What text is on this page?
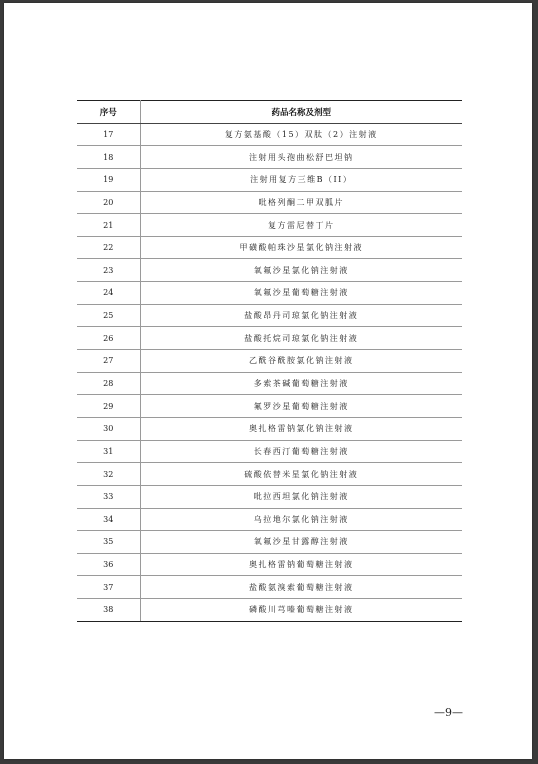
序号	药品名称及剂型
17	复方氨基酸（15）双肽（2）注射液
18	注射用头孢曲松舒巴坦钠
19	注射用复方三维B（II）
20	吡格列酮二甲双胍片
21	复方雷尼替丁片
22	甲磺酸帕珠沙星氯化钠注射液
23	氧氟沙星氯化钠注射液
24	氧氟沙星葡萄糖注射液
25	盐酸昂丹司琼氯化钠注射液
26	盐酸托烷司琼氯化钠注射液
27	乙酰谷酰胺氯化钠注射液
28	多索茶碱葡萄糖注射液
29	氟罗沙星葡萄糖注射液
30	奥扎格雷钠氯化钠注射液
31	长春西汀葡萄糖注射液
32	硫酸依替米星氯化钠注射液
33	吡拉西坦氯化钠注射液
34	乌拉地尔氯化钠注射液
35	氧氟沙星甘露醇注射液
36	奥扎格雷钠葡萄糖注射液
37	盐酸氨溴索葡萄糖注射液
38	磷酸川芎嗪葡萄糖注射液
—9—
